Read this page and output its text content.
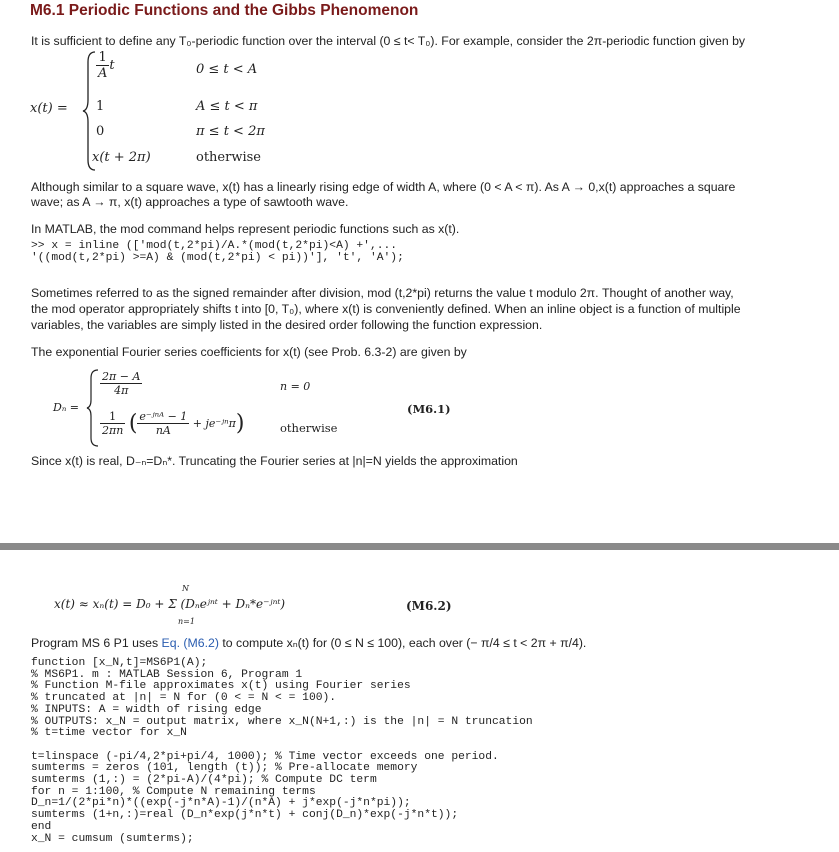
M6.1 Periodic Functions and the Gibbs Phenomenon
It is sufficient to define any T₀-periodic function over the interval (0 ≤ t< T₀). For example, consider the 2π-periodic function given by
x(t) =
$\frac{1}{A}$ t	0 ≤ t < A
1	A ≤ t < π
0	π ≤ t < 2π
x(t + 2π)	otherwise
Although similar to a square wave, x(t) has a linearly rising edge of width A, where (0 < A < π). As A → 0,x(t) approaches a square
wave; as A → π, x(t) approaches a type of sawtooth wave.
In MATLAB, the mod command helps represent periodic functions such as x(t).
>> x = inline (['mod(t,2*pi)/A.*(mod(t,2*pi)<A) +',...
'((mod(t,2*pi) >=A) & (mod(t,2*pi) < pi))'], 't', 'A');
Sometimes referred to as the signed remainder after division, mod (t,2*pi) returns the value t modulo 2π. Thought of another way,
the mod operator appropriately shifts t into [0, T₀), where x(t) is conveniently defined. When an inline object is a function of multiple
variables, the variables are simply listed in the desired order following the function expression.
The exponential Fourier series coefficients for x(t) (see Prob. 6.3-2) are given by
Dₙ =
$\frac{2\pi - A}{4\pi}$	n = 0
$\frac{1}{2\pi n}$ ( $\frac{\text{e⁻ʲⁿᴬ − 1}}{nA}$ + je⁻ʲⁿπ)	otherwise
(M6.1)
Since x(t) is real, D₋ₙ=Dₙ*. Truncating the Fourier series at |n|=N yields the approximation
N
x(t) ≈ xₙ(t) = D₀ + Σ (Dₙeʲⁿᵗ + Dₙ*e⁻ʲⁿᵗ)
n=1
(M6.2)
Program MS 6 P1 uses Eq. (M6.2) to compute xₙ(t) for (0 ≤ N ≤ 100), each over (− π/4 ≤ t < 2π + π/4).
function [x_N,t]=MS6P1(A);
% MS6P1. m : MATLAB Session 6, Program 1
% Function M-file approximates x(t) using Fourier series
% truncated at |n| = N for (0 < = N < = 100).
% INPUTS: A = width of rising edge
% OUTPUTS: x_N = output matrix, where x_N(N+1,:) is the |n| = N truncation
% t=time vector for x_N

t=linspace (-pi/4,2*pi+pi/4, 1000); % Time vector exceeds one period.
sumterms = zeros (101, length (t)); % Pre-allocate memory
sumterms (1,:) = (2*pi-A)/(4*pi); % Compute DC term
for n = 1:100, % Compute N remaining terms
D_n=1/(2*pi*n)*((exp(-j*n*A)-1)/(n*A) + j*exp(-j*n*pi));
sumterms (1+n,:)=real (D_n*exp(j*n*t) + conj(D_n)*exp(-j*n*t));
end
x_N = cumsum (sumterms);
